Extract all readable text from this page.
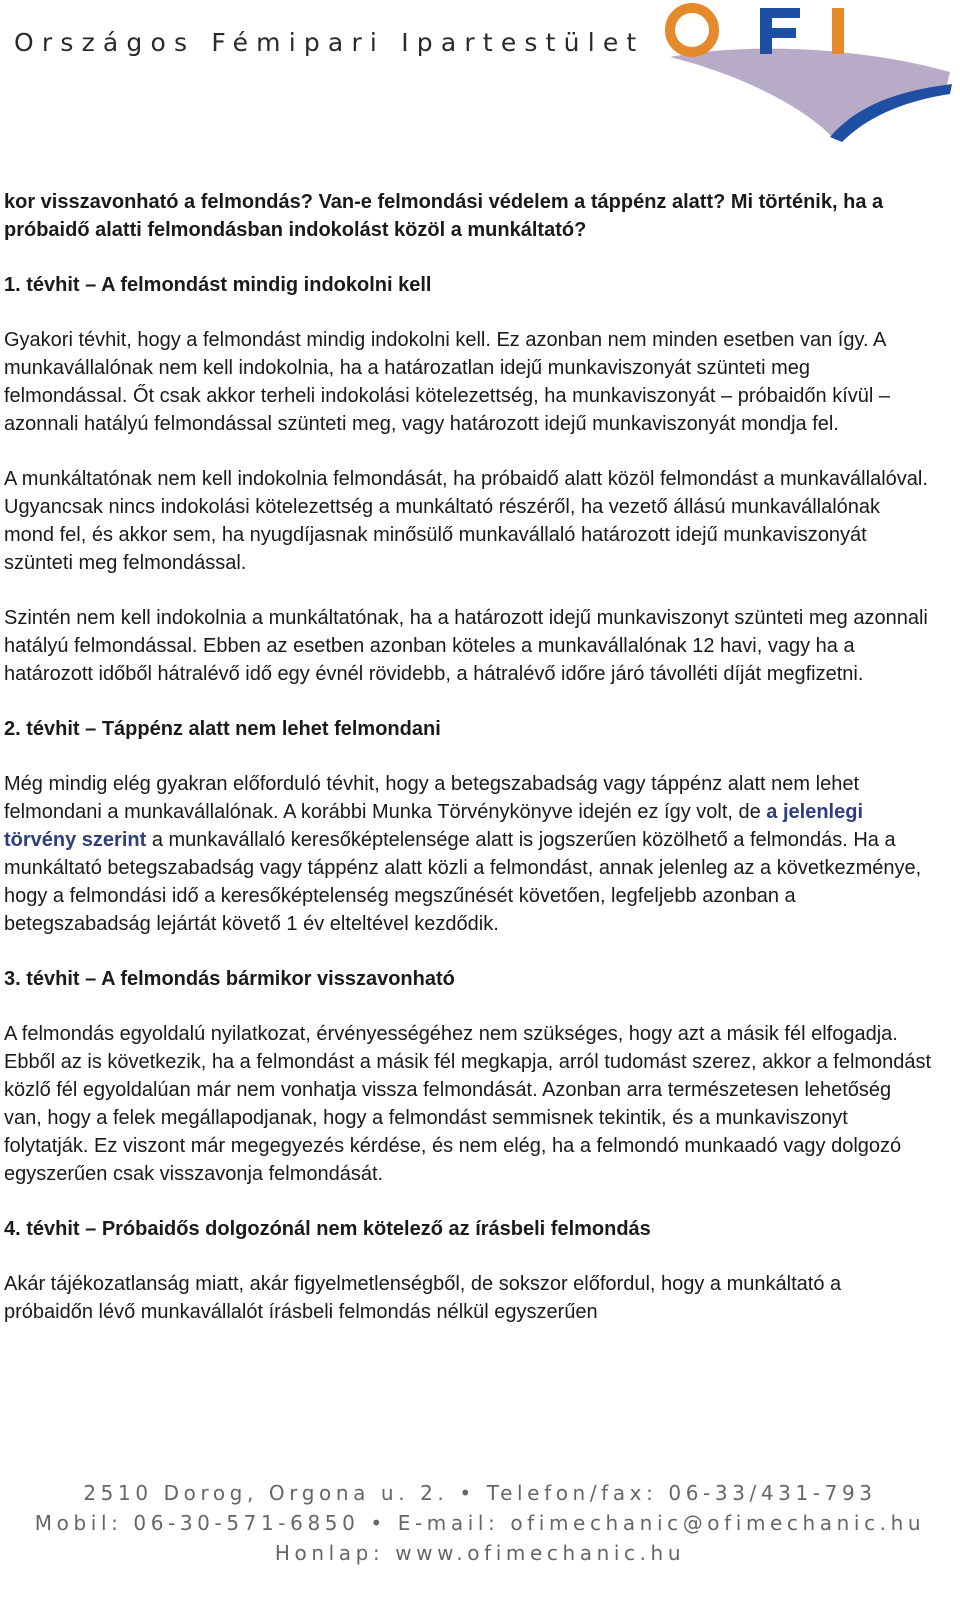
Országos Fémipari Ipartestület

kor visszavonható a felmondás? Van-e felmondási védelem a táppénz alatt? Mi történik, ha a próbaidő alatti felmondásban indokolást közöl a munkáltató?

1. tévhit – A felmondást mindig indokolni kell

Gyakori tévhit, hogy a felmondást mindig indokolni kell. Ez azonban nem minden esetben van így. A munkavállalónak nem kell indokolnia, ha a határozatlan idejű munkaviszonyát szünteti meg felmondással. Őt csak akkor terheli indokolási kötelezettség, ha munkaviszonyát – próbaidőn kívül – azonnali hatályú felmondással szünteti meg, vagy határozott idejű munkaviszonyát mondja fel.

A munkáltatónak nem kell indokolnia felmondását, ha próbaidő alatt közöl felmondást a munkavállalóval. Ugyancsak nincs indokolási kötelezettség a munkáltató részéről, ha vezető állású munkavállalónak mond fel, és akkor sem, ha nyugdíjasnak minősülő munkavállaló határozott idejű munkaviszonyát szünteti meg felmondással.

Szintén nem kell indokolnia a munkáltatónak, ha a határozott idejű munkaviszonyt szünteti meg azonnali hatályú felmondással. Ebben az esetben azonban köteles a munkavállalónak 12 havi, vagy ha a határozott időből hátralévő idő egy évnél rövidebb, a hátralévő időre járó távolléti díját megfizetni.

2. tévhit – Táppénz alatt nem lehet felmondani

Még mindig elég gyakran előforduló tévhit, hogy a betegszabadság vagy táppénz alatt nem lehet felmondani a munkavállalónak. A korábbi Munka Törvénykönyve idején ez így volt, de a jelenlegi törvény szerint a munkavállaló keresőképtelensége alatt is jogszerűen közölhető a felmondás. Ha a munkáltató betegszabadság vagy táppénz alatt közli a felmondást, annak jelenleg az a következménye, hogy a felmondási idő a keresőképtelenség megszűnését követően, legfeljebb azonban a betegszabadság lejártát követő 1 év elteltével kezdődik.

3. tévhit – A felmondás bármikor visszavonható

A felmondás egyoldalú nyilatkozat, érvényességéhez nem szükséges, hogy azt a másik fél elfogadja. Ebből az is következik, ha a felmondást a másik fél megkapja, arról tudomást szerez, akkor a felmondást közlő fél egyoldalúan már nem vonhatja vissza felmondását. Azonban arra természetesen lehetőség van, hogy a felek megállapodjanak, hogy a felmondást semmisnek tekintik, és a munkaviszonyt folytatják. Ez viszont már megegyezés kérdése, és nem elég, ha a felmondó munkaadó vagy dolgozó egyszerűen csak visszavonja felmondását.

4. tévhit – Próbaidős dolgozónál nem kötelező az írásbeli felmondás

Akár tájékozatlanság miatt, akár figyelmetlenségből, de sokszor előfordul, hogy a munkáltató a próbaidőn lévő munkavállalót írásbeli felmondás nélkül egyszerűen

2510 Dorog, Orgona u. 2. • Telefon/fax: 06-33/431-793
Mobil: 06-30-571-6850 • E-mail: ofimechanic@ofimechanic.hu
Honlap: www.ofimechanic.hu
